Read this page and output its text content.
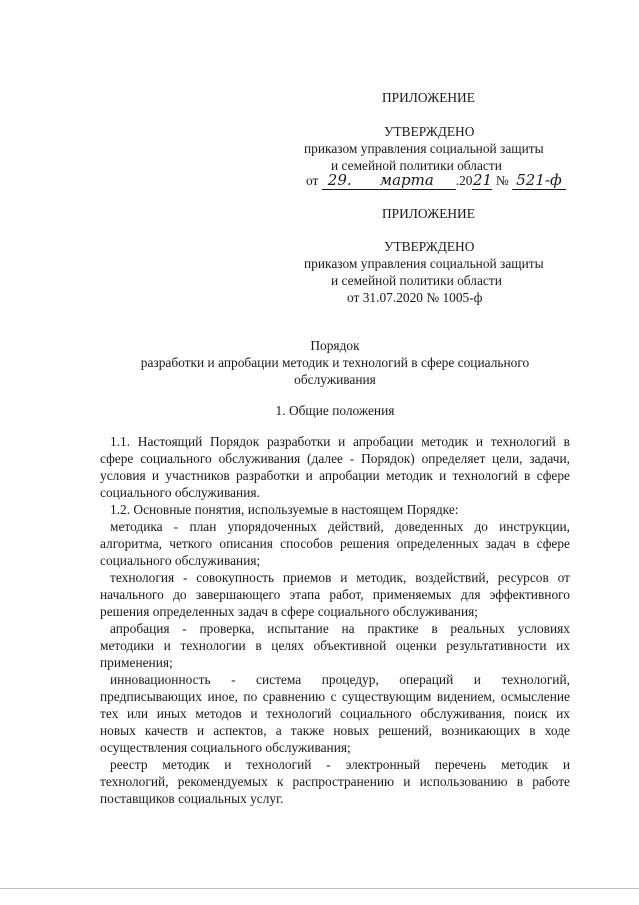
ПРИЛОЖЕНИЕ
УТВЕРЖДЕНО
приказом управления социальной защиты
и семейной политики области
от 29. марта .2021 № 521-ф
ПРИЛОЖЕНИЕ
УТВЕРЖДЕНО
приказом управления социальной защиты
и семейной политики области
от 31.07.2020 № 1005-ф
Порядок
разработки и апробации методик и технологий в сфере социального
обслуживания
1. Общие положения
1.1. Настоящий Порядок разработки и апробации методик и технологий в
сфере социального обслуживания (далее - Порядок) определяет цели, задачи,
условия и участников разработки и апробации методик и технологий в сфере
социального обслуживания.
1.2. Основные понятия, используемые в настоящем Порядке:
методика - план упорядоченных действий, доведенных до инструкции,
алгоритма, четкого описания способов решения определенных задач в сфере
социального обслуживания;
технология - совокупность приемов и методик, воздействий, ресурсов от
начального до завершающего этапа работ, применяемых для эффективного
решения определенных задач в сфере социального обслуживания;
апробация - проверка, испытание на практике в реальных условиях
методики и технологии в целях объективной оценки результативности их
применения;
инновационность - система процедур, операций и технологий,
предписывающих иное, по сравнению с существующим видением, осмысление
тех или иных методов и технологий социального обслуживания, поиск их
новых качеств и аспектов, а также новых решений, возникающих в ходе
осуществления социального обслуживания;
реестр методик и технологий - электронный перечень методик и
технологий, рекомендуемых к распространению и использованию в работе
поставщиков социальных услуг.
